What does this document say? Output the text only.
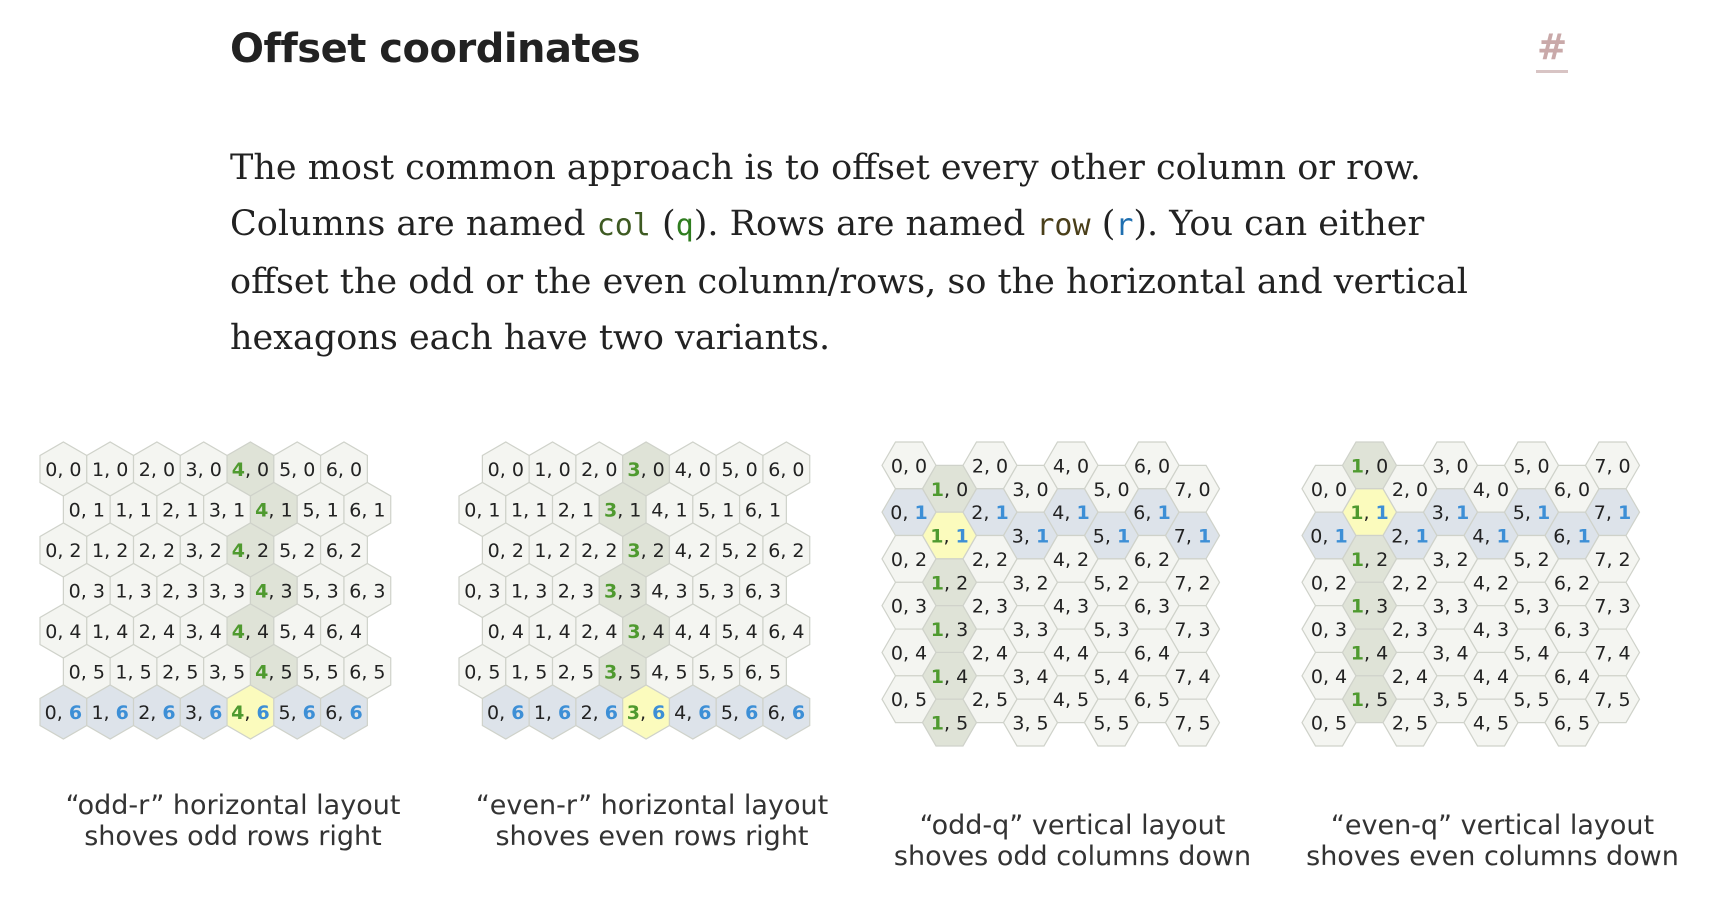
Offset coordinates	#

The most common approach is to offset every other column or row. Columns are named col (q). Rows are named row (r). You can either offset the odd or the even column/rows, so the horizontal and vertical hexagons each have two variants.

0, 0 1, 0 2, 0 3, 0 4, 0 5, 0 6, 0
0, 1 1, 1 2, 1 3, 1 4, 1 5, 1 6, 1
0, 2 1, 2 2, 2 3, 2 4, 2 5, 2 6, 2
0, 3 1, 3 2, 3 3, 3 4, 3 5, 3 6, 3
0, 4 1, 4 2, 4 3, 4 4, 4 5, 4 6, 4
0, 5 1, 5 2, 5 3, 5 4, 5 5, 5 6, 5
0, 6 1, 6 2, 6 3, 6 4, 6 5, 6 6, 6
“odd-r” horizontal layout
shoves odd rows right
0, 0 1, 0 2, 0 3, 0 4, 0 5, 0 6, 0
0, 1 1, 1 2, 1 3, 1 4, 1 5, 1 6, 1
0, 2 1, 2 2, 2 3, 2 4, 2 5, 2 6, 2
0, 3 1, 3 2, 3 3, 3 4, 3 5, 3 6, 3
0, 4 1, 4 2, 4 3, 4 4, 4 5, 4 6, 4
0, 5 1, 5 2, 5 3, 5 4, 5 5, 5 6, 5
0, 6 1, 6 2, 6 3, 6 4, 6 5, 6 6, 6
“even-r” horizontal layout
shoves even rows right
0, 0
1, 0
2, 0
3, 0
4, 0
5, 0
6, 0
7, 0
0, 1
1, 1
2, 1
3, 1
4, 1
5, 1
6, 1
7, 1
0, 2
1, 2
2, 2
3, 2
4, 2
5, 2
6, 2
7, 2
0, 3
1, 3
2, 3
3, 3
4, 3
5, 3
6, 3
7, 3
0, 4
1, 4
2, 4
3, 4
4, 4
5, 4
6, 4
7, 4
0, 5
1, 5
2, 5
3, 5
4, 5
5, 5
6, 5
7, 5
“odd-q” vertical layout
shoves odd columns down
0, 0
1, 0
2, 0
3, 0
4, 0
5, 0
6, 0
7, 0
0, 1
1, 1
2, 1
3, 1
4, 1
5, 1
6, 1
7, 1
0, 2
1, 2
2, 2
3, 2
4, 2
5, 2
6, 2
7, 2
0, 3
1, 3
2, 3
3, 3
4, 3
5, 3
6, 3
7, 3
0, 4
1, 4
2, 4
3, 4
4, 4
5, 4
6, 4
7, 4
0, 5
1, 5
2, 5
3, 5
4, 5
5, 5
6, 5
7, 5
“even-q” vertical layout
shoves even columns down
